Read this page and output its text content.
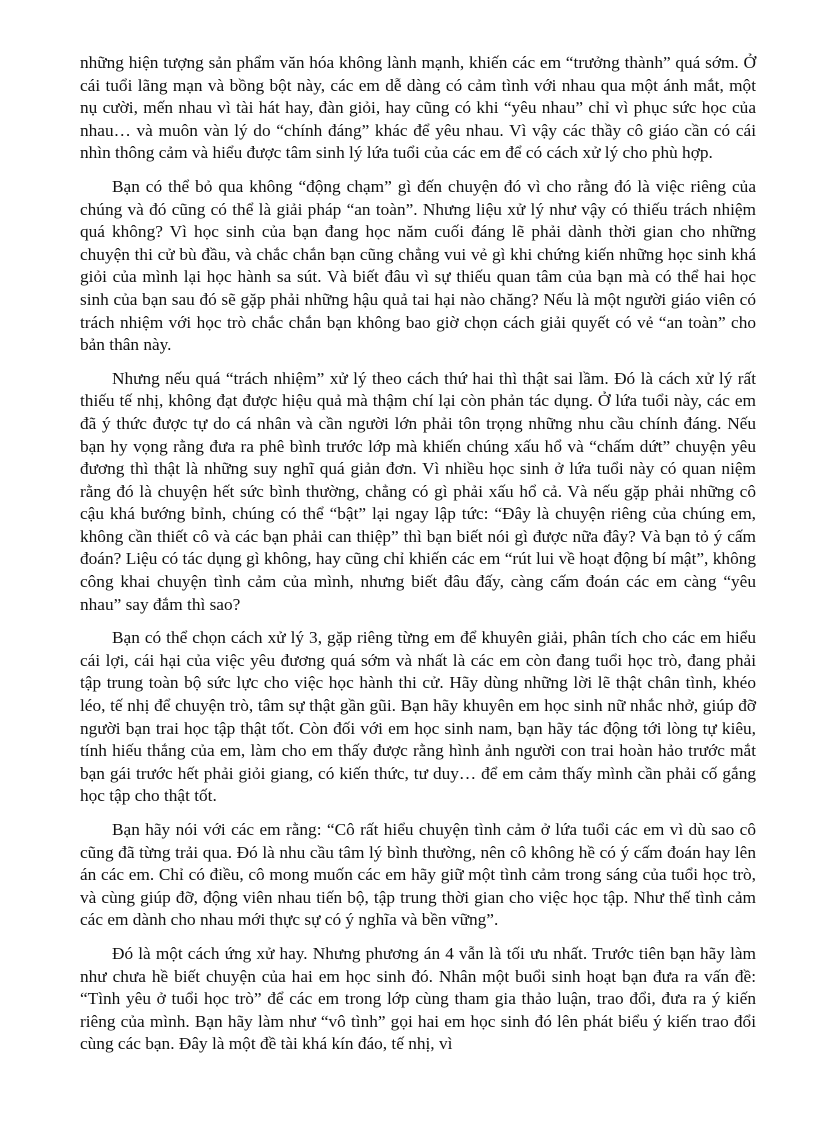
những hiện tượng sản phẩm văn hóa không lành mạnh, khiến các em “trưởng thành” quá sớm. Ở cái tuổi lãng mạn và bồng bột này, các em dễ dàng có cảm tình với nhau qua một ánh mắt, một nụ cười, mến nhau vì tài hát hay, đàn giỏi, hay cũng có khi “yêu nhau” chỉ vì phục sức học của nhau… và muôn vàn lý do “chính đáng” khác để yêu nhau. Vì vậy các thầy cô giáo cần có cái nhìn thông cảm và hiểu được tâm sinh lý lứa tuổi của các em để có cách xử lý cho phù hợp.

Bạn có thể bỏ qua không “động chạm” gì đến chuyện đó vì cho rằng đó là việc riêng của chúng và đó cũng có thể là giải pháp “an toàn”. Nhưng liệu xử lý như vậy có thiếu trách nhiệm quá không? Vì học sinh của bạn đang học năm cuối đáng lẽ phải dành thời gian cho những chuyện thi cử bù đầu, và chắc chắn bạn cũng chẳng vui vẻ gì khi chứng kiến những học sinh khá giỏi của mình lại học hành sa sút. Và biết đâu vì sự thiếu quan tâm của bạn mà có thể hai học sinh của bạn sau đó sẽ gặp phải những hậu quả tai hại nào chăng? Nếu là một người giáo viên có trách nhiệm với học trò chắc chắn bạn không bao giờ chọn cách giải quyết có vẻ “an toàn” cho bản thân này.

Nhưng nếu quá “trách nhiệm” xử lý theo cách thứ hai thì thật sai lầm. Đó là cách xử lý rất thiếu tế nhị, không đạt được hiệu quả mà thậm chí lại còn phản tác dụng. Ở lứa tuổi này, các em đã ý thức được tự do cá nhân và cần người lớn phải tôn trọng những nhu cầu chính đáng. Nếu bạn hy vọng rằng đưa ra phê bình trước lớp mà khiến chúng xấu hổ và “chấm dứt” chuyện yêu đương thì thật là những suy nghĩ quá giản đơn. Vì nhiều học sinh ở lứa tuổi này có quan niệm rằng đó là chuyện hết sức bình thường, chẳng có gì phải xấu hổ cả. Và nếu gặp phải những cô cậu khá bướng bỉnh, chúng có thể “bật” lại ngay lập tức: “Đây là chuyện riêng của chúng em, không cần thiết cô và các bạn phải can thiệp” thì bạn biết nói gì được nữa đây? Và bạn tỏ ý cấm đoán? Liệu có tác dụng gì không, hay cũng chỉ khiến các em “rút lui về hoạt động bí mật”, không công khai chuyện tình cảm của mình, nhưng biết đâu đấy, càng cấm đoán các em càng “yêu nhau” say đắm thì sao?

Bạn có thể chọn cách xử lý 3, gặp riêng từng em để khuyên giải, phân tích cho các em hiểu cái lợi, cái hại của việc yêu đương quá sớm và nhất là các em còn đang tuổi học trò, đang phải tập trung toàn bộ sức lực cho việc học hành thi cử. Hãy dùng những lời lẽ thật chân tình, khéo léo, tế nhị để chuyện trò, tâm sự thật gần gũi. Bạn hãy khuyên em học sinh nữ nhắc nhở, giúp đỡ người bạn trai học tập thật tốt. Còn đối với em học sinh nam, bạn hãy tác động tới lòng tự kiêu, tính hiếu thắng của em, làm cho em thấy được rằng hình ảnh người con trai hoàn hảo trước mắt bạn gái trước hết phải giỏi giang, có kiến thức, tư duy… để em cảm thấy mình cần phải cố gắng học tập cho thật tốt.

Bạn hãy nói với các em rằng: “Cô rất hiểu chuyện tình cảm ở lứa tuổi các em vì dù sao cô cũng đã từng trải qua. Đó là nhu cầu tâm lý bình thường, nên cô không hề có ý cấm đoán hay lên án các em. Chỉ có điều, cô mong muốn các em hãy giữ một tình cảm trong sáng của tuổi học trò, và cùng giúp đỡ, động viên nhau tiến bộ, tập trung thời gian cho việc học tập. Như thế tình cảm các em dành cho nhau mới thực sự có ý nghĩa và bền vững”.

Đó là một cách ứng xử hay. Nhưng phương án 4 vẫn là tối ưu nhất. Trước tiên bạn hãy làm như chưa hề biết chuyện của hai em học sinh đó. Nhân một buổi sinh hoạt bạn đưa ra vấn đề: “Tình yêu ở tuổi học trò” để các em trong lớp cùng tham gia thảo luận, trao đổi, đưa ra ý kiến riêng của mình. Bạn hãy làm như “vô tình” gọi hai em học sinh đó lên phát biểu ý kiến trao đổi cùng các bạn. Đây là một đề tài khá kín đáo, tế nhị, vì
